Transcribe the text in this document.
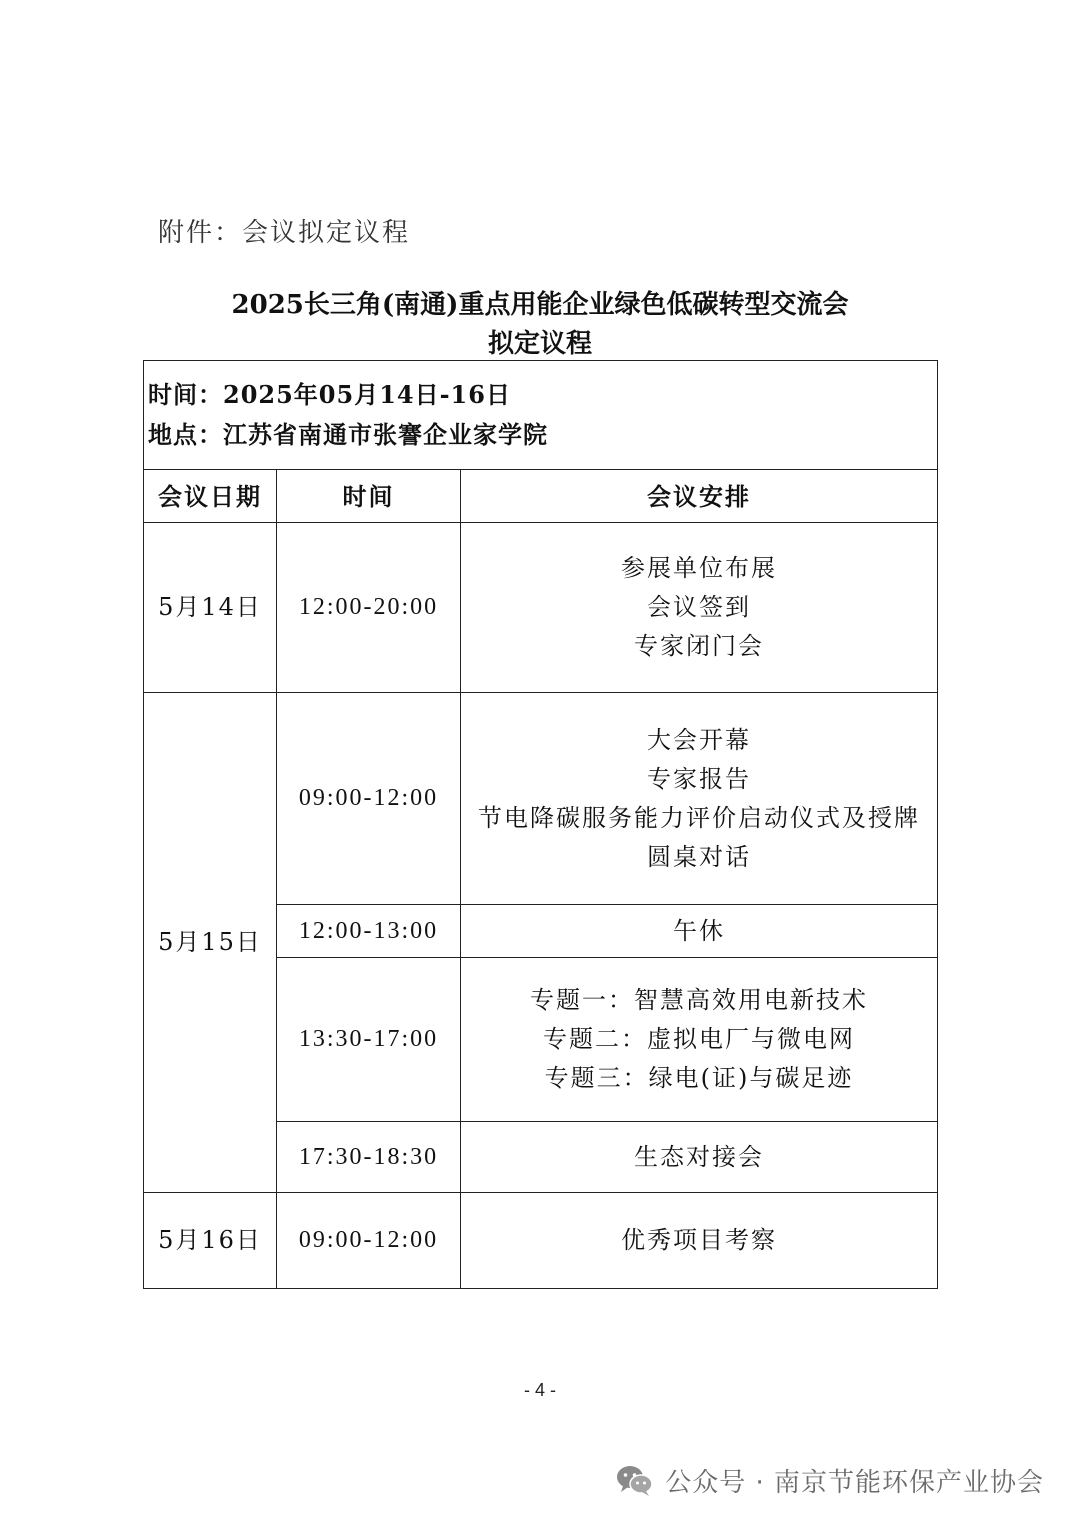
附件：会议拟定议程
2025长三角(南通)重点用能企业绿色低碳转型交流会
拟定议程
时间：2025年05月14日-16日
地点：江苏省南通市张謇企业家学院		

会议日期	时间	会议安排
5月14日	12:00-20:00	参展单位布展
会议签到
专家闭门会

5月15日	09:00-12:00	大会开幕
专家报告
节电降碳服务能力评价启动仪式及授牌
圆桌对话

	12:00-13:00	午休

	13:30-17:00	专题一：智慧高效用电新技术
专题二：虚拟电厂与微电网
专题三：绿电(证)与碳足迹

	17:30-18:30	生态对接会

5月16日	09:00-12:00	优秀项目考察
- 4 -
公众号 · 南京节能环保产业协会
